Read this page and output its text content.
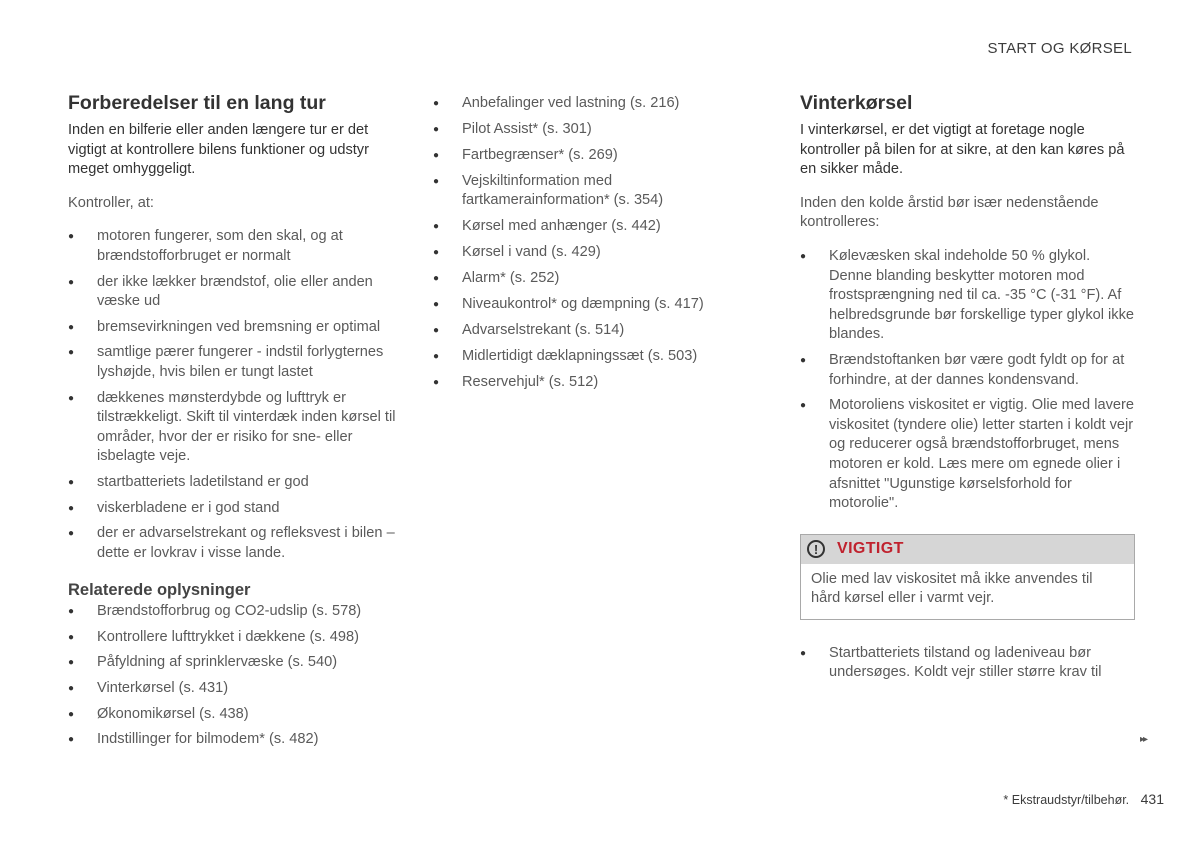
START OG KØRSEL
Forberedelser til en lang tur

Inden en bilferie eller anden længere tur er det vigtigt at kontrollere bilens funktioner og udstyr meget omhyggeligt.

Kontroller, at:

● motoren fungerer, som den skal, og at brændstofforbruget er normalt
● der ikke lækker brændstof, olie eller anden væske ud
● bremsevirkningen ved bremsning er optimal
● samtlige pærer fungerer - indstil forlygternes lyshøjde, hvis bilen er tungt lastet
● dækkenes mønsterdybde og lufttryk er tilstrækkeligt. Skift til vinterdæk inden kørsel til områder, hvor der er risiko for sne- eller isbelagte veje.
● startbatteriets ladetilstand er god
● viskerbladene er i god stand
● der er advarselstrekant og refleksvest i bilen – dette er lovkrav i visse lande.
Relaterede oplysninger
● Brændstofforbrug og CO2-udslip (s. 578)
● Kontrollere lufttrykket i dækkene (s. 498)
● Påfyldning af sprinklervæske (s. 540)
● Vinterkørsel (s. 431)
● Økonomikørsel (s. 438)
● Indstillinger for bilmodem* (s. 482)
● Anbefalinger ved lastning (s. 216)
● Pilot Assist* (s. 301)
● Fartbegrænser* (s. 269)
● Vejskiltinformation med fartkamerainformation* (s. 354)
● Kørsel med anhænger (s. 442)
● Kørsel i vand (s. 429)
● Alarm* (s. 252)
● Niveaukontrol* og dæmpning (s. 417)
● Advarselstrekant (s. 514)
● Midlertidigt dæklapningssæt (s. 503)
● Reservehjul* (s. 512)
Vinterkørsel

I vinterkørsel, er det vigtigt at foretage nogle kontroller på bilen for at sikre, at den kan køres på en sikker måde.

Inden den kolde årstid bør især nedenstående kontrolleres:

● Kølevæsken skal indeholde 50 % glykol. Denne blanding beskytter motoren mod frostsprængning ned til ca. -35 °C (-31 °F). Af helbredsgrunde bør forskellige typer glykol ikke blandes.
● Brændstoftanken bør være godt fyldt op for at forhindre, at der dannes kondensvand.
● Motoroliens viskositet er vigtig. Olie med lavere viskositet (tyndere olie) letter starten i koldt vejr og reducerer også brændstofforbruget, mens motoren er kold. Læs mere om egnede olier i afsnittet "Ugunstige kørselsforhold for motorolie".
!	VIGTIGT
Olie med lav viskositet må ikke anvendes til hård kørsel eller i varmt vejr.
● Startbatteriets tilstand og ladeniveau bør undersøges. Koldt vejr stiller større krav til
▸▸
* Ekstraudstyr/tilbehør. 431
